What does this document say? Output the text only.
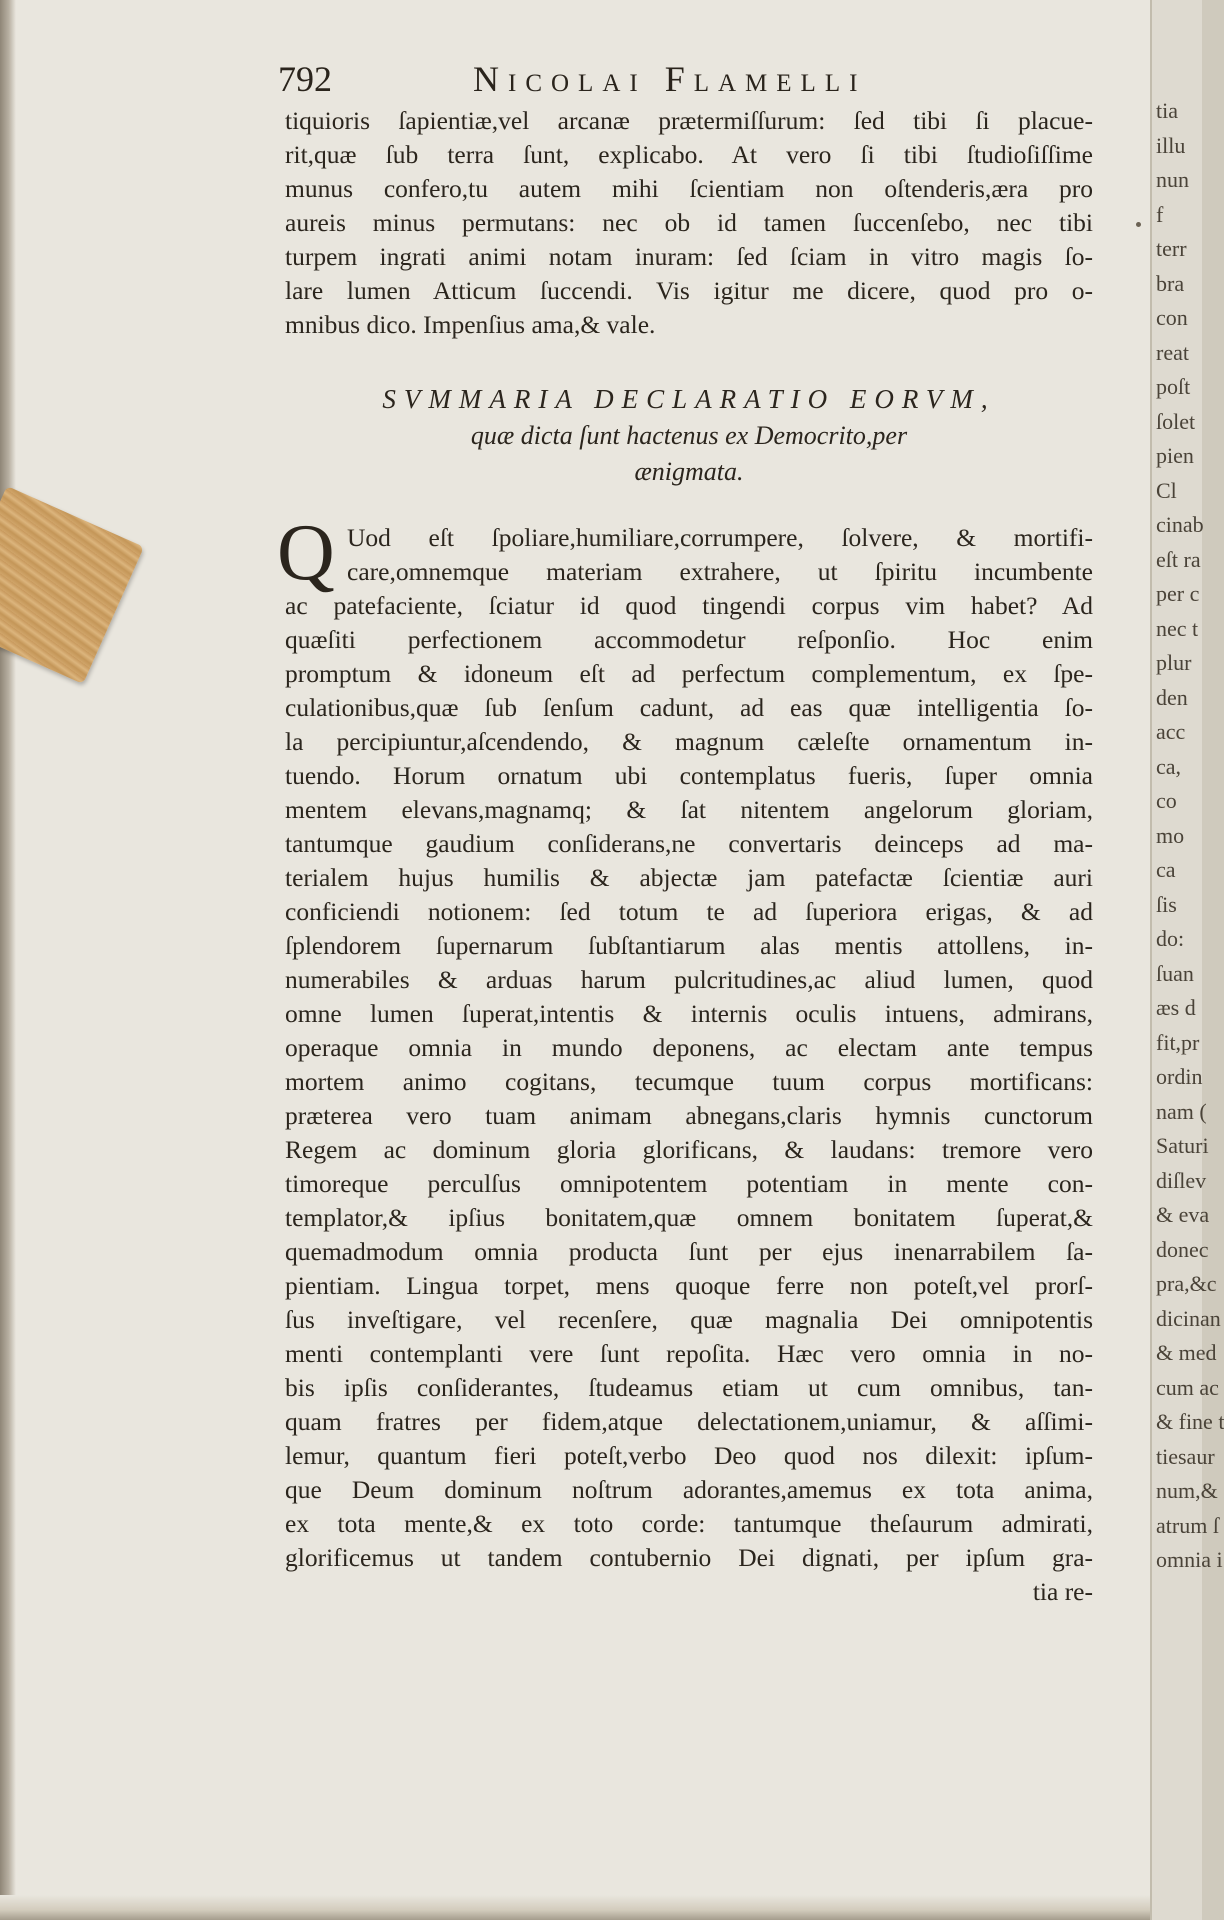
tia
illu
nun
f
terr
bra
con
reat
poſt
ſolet
pien
Cl
cinab
eſt ra
per c
nec t
plur
den
acc
ca,
co
mo
ca
ſis
do:
ſuan
æs d
fit,pr
ordin
nam (
Saturi
diſlev
& eva
donec
pra,&c
dicinan
& med
cum ac
& fine t
tiesaur
num,&
atrum ſ
omnia i
792	Nicolai Flamelli
tiquioris ſapientiæ,vel arcanæ prætermiſſurum: ſed tibi ſi placue-
rit,quæ ſub terra ſunt, explicabo. At vero ſi tibi ſtudioſiſſime
munus confero,tu autem mihi ſcientiam non oſtenderis,æra pro
aureis minus permutans: nec ob id tamen ſuccenſebo, nec tibi
turpem ingrati animi notam inuram: ſed ſciam in vitro magis ſo-
lare lumen Atticum ſuccendi. Vis igitur me dicere, quod pro o-
mnibus dico. Impenſius ama,& vale.
SVMMARIA DECLARATIO EORVM,
quæ dicta ſunt hactenus ex Democrito,per
ænigmata.
Q Uod eſt ſpoliare,humiliare,corrumpere, ſolvere, & mortifi-
care,omnemque materiam extrahere, ut ſpiritu incumbente
ac patefaciente, ſciatur id quod tingendi corpus vim habet? Ad
quæſiti perfectionem accommodetur reſponſio. Hoc enim
promptum & idoneum eſt ad perfectum complementum, ex ſpe-
culationibus,quæ ſub ſenſum cadunt, ad eas quæ intelligentia ſo-
la percipiuntur,aſcendendo, & magnum cæleſte ornamentum in-
tuendo. Horum ornatum ubi contemplatus fueris, ſuper omnia
mentem elevans,magnamq; & ſat nitentem angelorum gloriam,
tantumque gaudium conſiderans,ne convertaris deinceps ad ma-
terialem hujus humilis & abjectæ jam patefactæ ſcientiæ auri
conficiendi notionem: ſed totum te ad ſuperiora erigas, & ad
ſplendorem ſupernarum ſubſtantiarum alas mentis attollens, in-
numerabiles & arduas harum pulcritudines,ac aliud lumen, quod
omne lumen ſuperat,intentis & internis oculis intuens, admirans,
operaque omnia in mundo deponens, ac electam ante tempus
mortem animo cogitans, tecumque tuum corpus mortificans:
præterea vero tuam animam abnegans,claris hymnis cunctorum
Regem ac dominum gloria glorificans, & laudans: tremore vero
timoreque perculſus omnipotentem potentiam in mente con-
templator,& ipſius bonitatem,quæ omnem bonitatem ſuperat,&
quemadmodum omnia producta ſunt per ejus inenarrabilem ſa-
pientiam. Lingua torpet, mens quoque ferre non poteſt,vel prorſ-
ſus inveſtigare, vel recenſere, quæ magnalia Dei omnipotentis
menti contemplanti vere ſunt repoſita. Hæc vero omnia in no-
bis ipſis conſiderantes, ſtudeamus etiam ut cum omnibus, tan-
quam fratres per fidem,atque delectationem,uniamur, & aſſimi-
lemur, quantum fieri poteſt,verbo Deo quod nos dilexit: ipſum-
que Deum dominum noſtrum adorantes,amemus ex tota anima,
ex tota mente,& ex toto corde: tantumque theſaurum admirati,
glorificemus ut tandem contubernio Dei dignati, per ipſum gra-
tia re-
